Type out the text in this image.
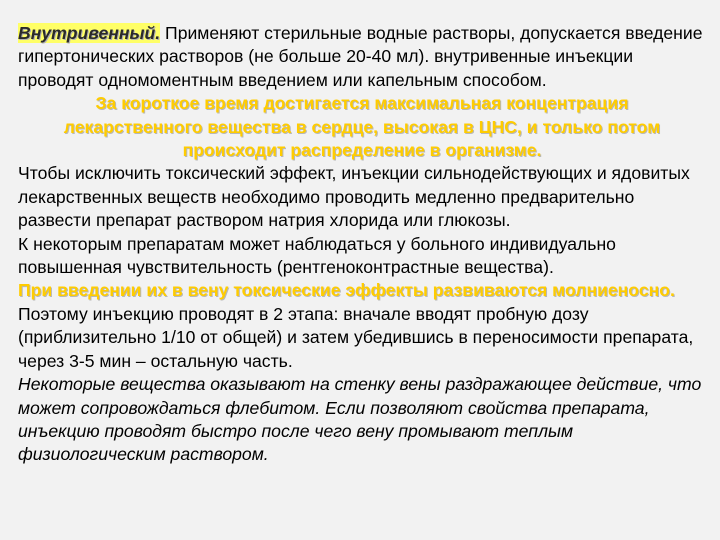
Внутривенный. Применяют стерильные водные растворы, допускается введение гипертонических растворов (не больше 20-40 мл). внутривенные инъекции проводят одномоментным введением или капельным способом.

За короткое время достигается максимальная концентрация лекарственного вещества в сердце, высокая в ЦНС, и только потом происходит распределение в организме.

Чтобы исключить токсический эффект, инъекции сильнодействующих и ядовитых лекарственных веществ необходимо проводить медленно предварительно развести препарат раствором натрия хлорида или глюкозы.

К некоторым препаратам может наблюдаться у больного индивидуально повышенная чувствительность (рентгеноконтрастные вещества).

При введении их в вену токсические эффекты развиваются молниеносно. Поэтому инъекцию проводят в 2 этапа: вначале вводят пробную дозу (приблизительно 1/10 от общей) и затем убедившись в переносимости препарата, через 3-5 мин – остальную часть.

Некоторые вещества оказывают на стенку вены раздражающее действие, что может сопровождаться флебитом. Если позволяют свойства препарата, инъекцию проводят быстро после чего вену промывают теплым физиологическим раствором.
